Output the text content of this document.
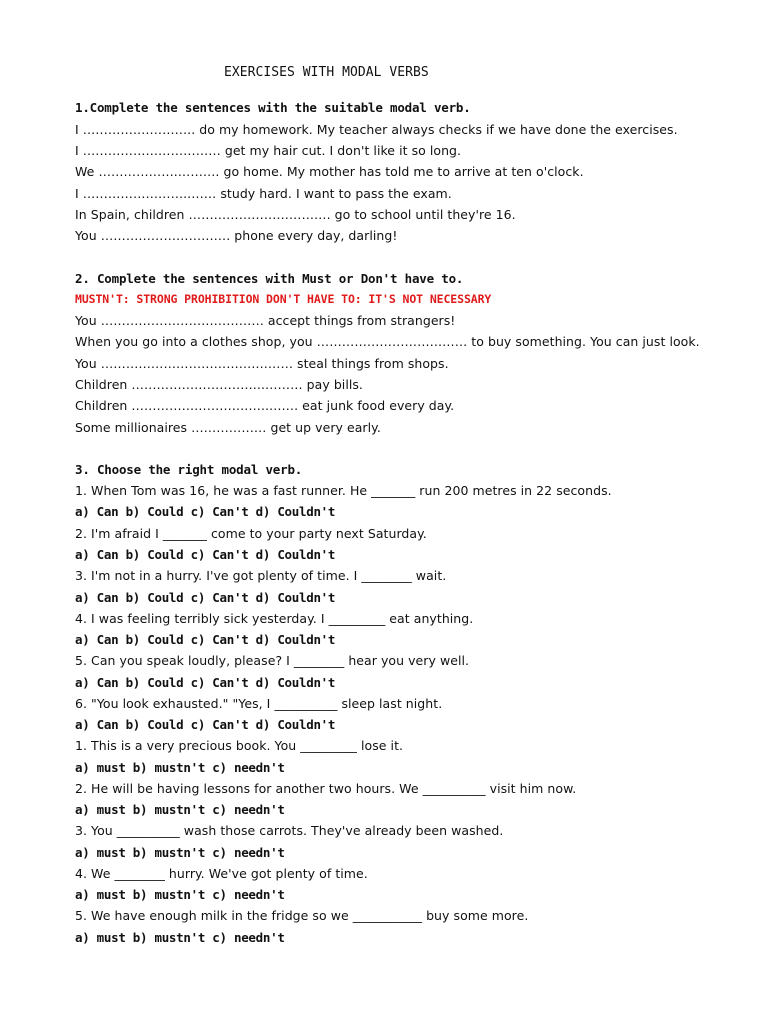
EXERCISES WITH MODAL VERBS
1.Complete the sentences with the suitable modal verb.
I ………….………….. do my homework. My teacher always checks if we have done the exercises.
I …………………………… get my hair cut. I don't like it so long.
We ……………….………. go home. My mother has told me to arrive at ten o'clock.
I ……………………..…… study hard. I want to pass the exam.
In Spain, children ……………………………. go to school until they're 16.
You …………………………. phone every day, darling!
2. Complete the sentences with Must or Don't have to.
MUSTN'T: STRONG PROHIBITION DON'T HAVE TO: IT'S NOT NECESSARY
You ………………………………… accept things from strangers!
When you go into a clothes shop, you ……………………………… to buy something. You can just look.
You ……………………………….……… steal things from shops.
Children …………………………..……… pay bills.
Children …………………….……..……. eat junk food every day.
Some millionaires ……………… get up very early.
3. Choose the right modal verb.
1. When Tom was 16, he was a fast runner. He _______ run 200 metres in 22 seconds.
a) Can b) Could c) Can't d) Couldn't
2. I'm afraid I _______ come to your party next Saturday.
a) Can b) Could c) Can't d) Couldn't
3. I'm not in a hurry. I've got plenty of time. I ________ wait.
a) Can b) Could c) Can't d) Couldn't
4. I was feeling terribly sick yesterday. I _________ eat anything.
a) Can b) Could c) Can't d) Couldn't
5. Can you speak loudly, please? I ________ hear you very well.
a) Can b) Could c) Can't d) Couldn't
6. "You look exhausted." "Yes, I __________ sleep last night.
a) Can b) Could c) Can't d) Couldn't
1. This is a very precious book. You _________ lose it.
a) must b) mustn't c) needn't
2. He will be having lessons for another two hours. We __________ visit him now.
a) must b) mustn't c) needn't
3. You __________ wash those carrots. They've already been washed.
a) must b) mustn't c) needn't
4. We ________ hurry. We've got plenty of time.
a) must b) mustn't c) needn't
5. We have enough milk in the fridge so we ___________ buy some more.
a) must b) mustn't c) needn't
